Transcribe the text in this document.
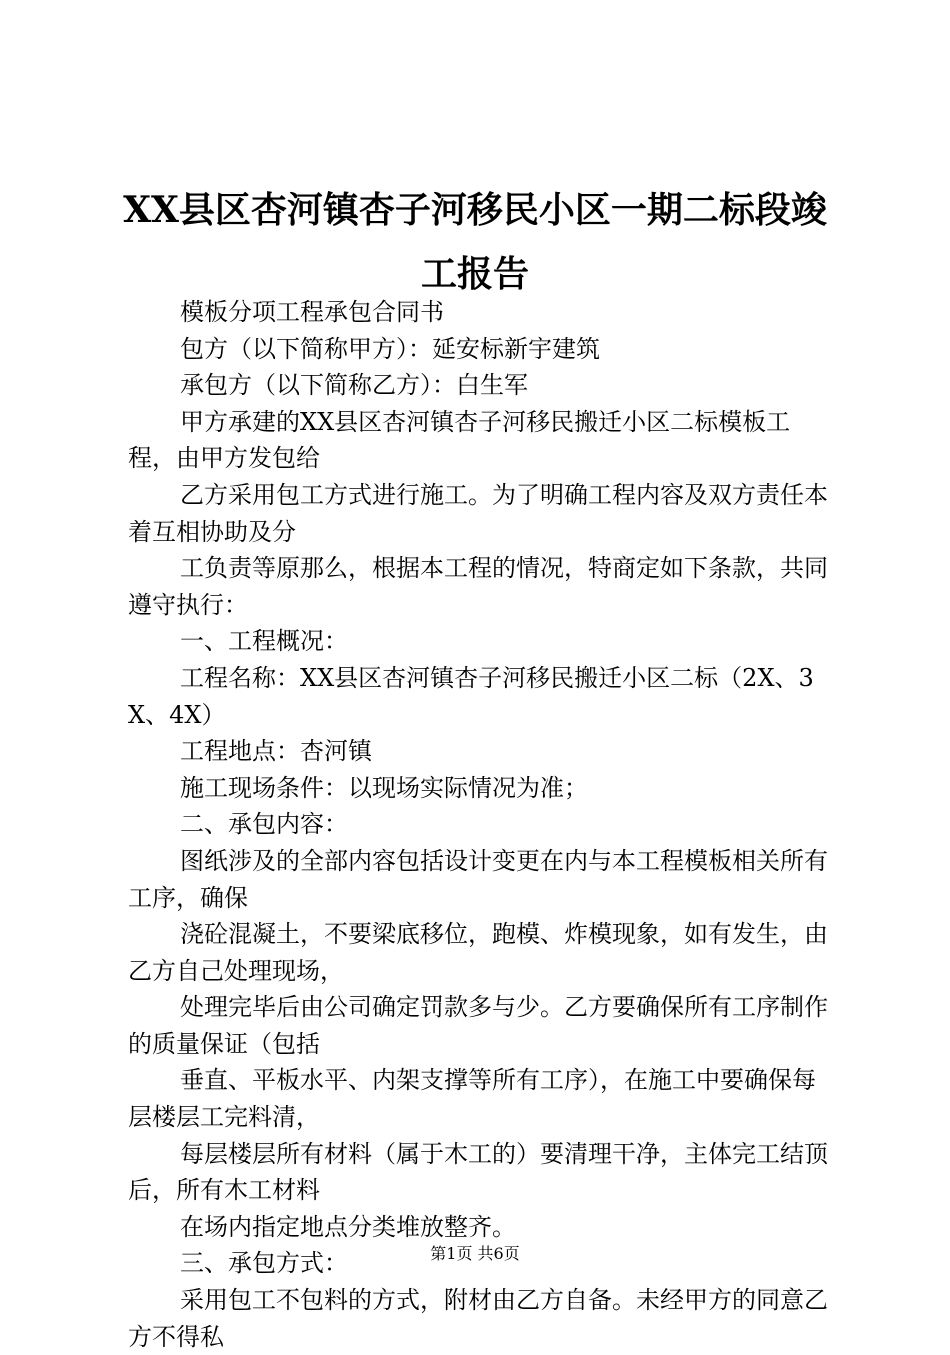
XX县区杏河镇杏子河移民小区一期二标段竣工报告

模板分项工程承包合同书

包方（以下简称甲方）：延安标新宇建筑

承包方（以下简称乙方）：白生军

甲方承建的XX县区杏河镇杏子河移民搬迁小区二标模板工程，由甲方发包给

乙方采用包工方式进行施工。为了明确工程内容及双方责任本着互相协助及分

工负责等原那么，根据本工程的情况，特商定如下条款，共同遵守执行：

一、工程概况：

工程名称：XX县区杏河镇杏子河移民搬迁小区二标（2X、3X、4X）

工程地点：杏河镇

施工现场条件：以现场实际情况为准；

二、承包内容：

图纸涉及的全部内容包括设计变更在内与本工程模板相关所有工序，确保

浇砼混凝土，不要梁底移位，跑模、炸模现象，如有发生，由乙方自己处理现场，

处理完毕后由公司确定罚款多与少。乙方要确保所有工序制作的质量保证（包括

垂直、平板水平、内架支撑等所有工序），在施工中要确保每层楼层工完料清，

每层楼层所有材料（属于木工的）要清理干净，主体完工结顶后，所有木工材料

在场内指定地点分类堆放整齐。

三、承包方式：

采用包工不包料的方式，附材由乙方自备。未经甲方的同意乙方不得私

第1页 共6页
